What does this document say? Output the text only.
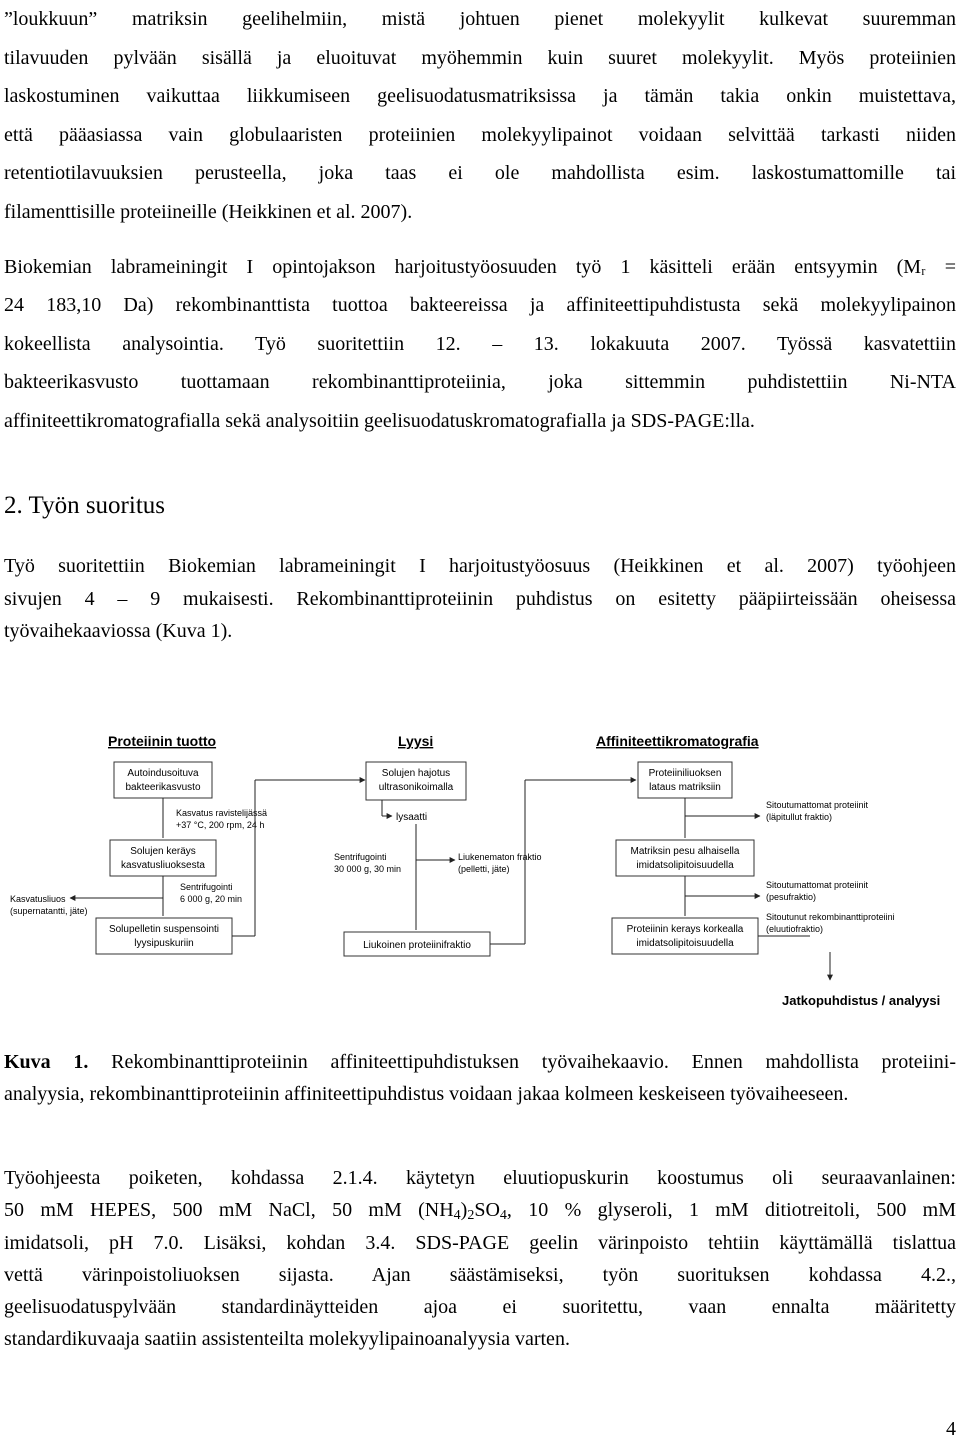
”loukkuun” matriksin geelihelmiin, mistä johtuen pienet molekyylit kulkevat suuremman
tilavuuden pylvään sisällä ja eluoituvat myöhemmin kuin suuret molekyylit. Myös proteiinien
laskostuminen vaikuttaa liikkumiseen geelisuodatusmatriksissa ja tämän takia onkin muistettava,
että pääasiassa vain globulaaristen proteiinien molekyylipainot voidaan selvittää tarkasti niiden
retentiotilavuuksien perusteella, joka taas ei ole mahdollista esim. laskostumattomille tai
filamenttisille proteiineille (Heikkinen et al. 2007).
Biokemian labrameiningit I opintojakson harjoitustyöosuuden työ 1 käsitteli erään entsyymin (Mᵣ =
24 183,10 Da) rekombinanttista tuottoa bakteereissa ja affiniteettipuhdistusta sekä molekyylipainon
kokeellista analysointia. Työ suoritettiin 12. – 13. lokakuuta 2007. Työssä kasvatettiin
bakteerikasvusto tuottamaan rekombinanttiproteiinia, joka sittemmin puhdistettiin Ni-NTA
affiniteettikromatografialla sekä analysoitiin geelisuodatuskromatografialla ja SDS-PAGE:lla.
2. Työn suoritus
Työ suoritettiin Biokemian labrameiningit I harjoitustyöosuus (Heikkinen et al. 2007) työohjeen
sivujen 4 – 9 mukaisesti. Rekombinanttiproteiinin puhdistus on esitetty pääpiirteissään oheisessa
työvaihekaaviossa (Kuva 1).
Proteiinin tuotto	Lyysi	Affiniteettikromatografia
Autoindusoituva
bakteerikasvusto
Kasvatus ravistelijässä
+37 °C, 200 rpm, 24 h
Solujen keräys
kasvatusliuoksesta
Sentrifugointi
6 000 g, 20 min
Kasvatusliuos
(supernatantti, jäte)
Solupelletin suspensointi
lyysipuskuriin
Solujen hajotus
ultrasonikoimalla
lysaatti
Sentrifugointi
30 000 g, 30 min
Liukenematon fraktio
(pelletti, jäte)
Liukoinen proteiinifraktio
Proteiiniliuoksen
lataus matriksiin
Sitoutumattomat proteiinit
(läpitullut fraktio)
Matriksin pesu alhaisella
imidatsolipitoisuudella
Sitoutumattomat proteiinit
(pesufraktio)
Proteiinin kerays korkealla
imidatsolipitoisuudella
Sitoutunut rekombinanttiproteiini
(eluutiofraktio)
Jatkopuhdistus / analyysi
Kuva 1. Rekombinanttiproteiinin affiniteettipuhdistuksen työvaihekaavio. Ennen mahdollista proteiini-
analyysia, rekombinanttiproteiinin affiniteettipuhdistus voidaan jakaa kolmeen keskeiseen työvaiheeseen.
Työohjeesta poiketen, kohdassa 2.1.4. käytetyn eluutiopuskurin koostumus oli seuraavanlainen:
50 mM HEPES, 500 mM NaCl, 50 mM $(NH_4)_2SO_4$, 10 % glyseroli, 1 mM ditiotreitoli, 500 mM
imidatsoli, pH 7.0. Lisäksi, kohdan 3.4. SDS-PAGE geelin värinpoisto tehtiin käyttämällä tislattua
vettä värinpoistoliuoksen sijasta. Ajan säästämiseksi, työn suorituksen kohdassa 4.2.,
geelisuodatuspylvään standardinäytteiden ajoa ei suoritettu, vaan ennalta määritetty
standardikuvaaja saatiin assistenteilta molekyylipainoanalyysia varten.
4
